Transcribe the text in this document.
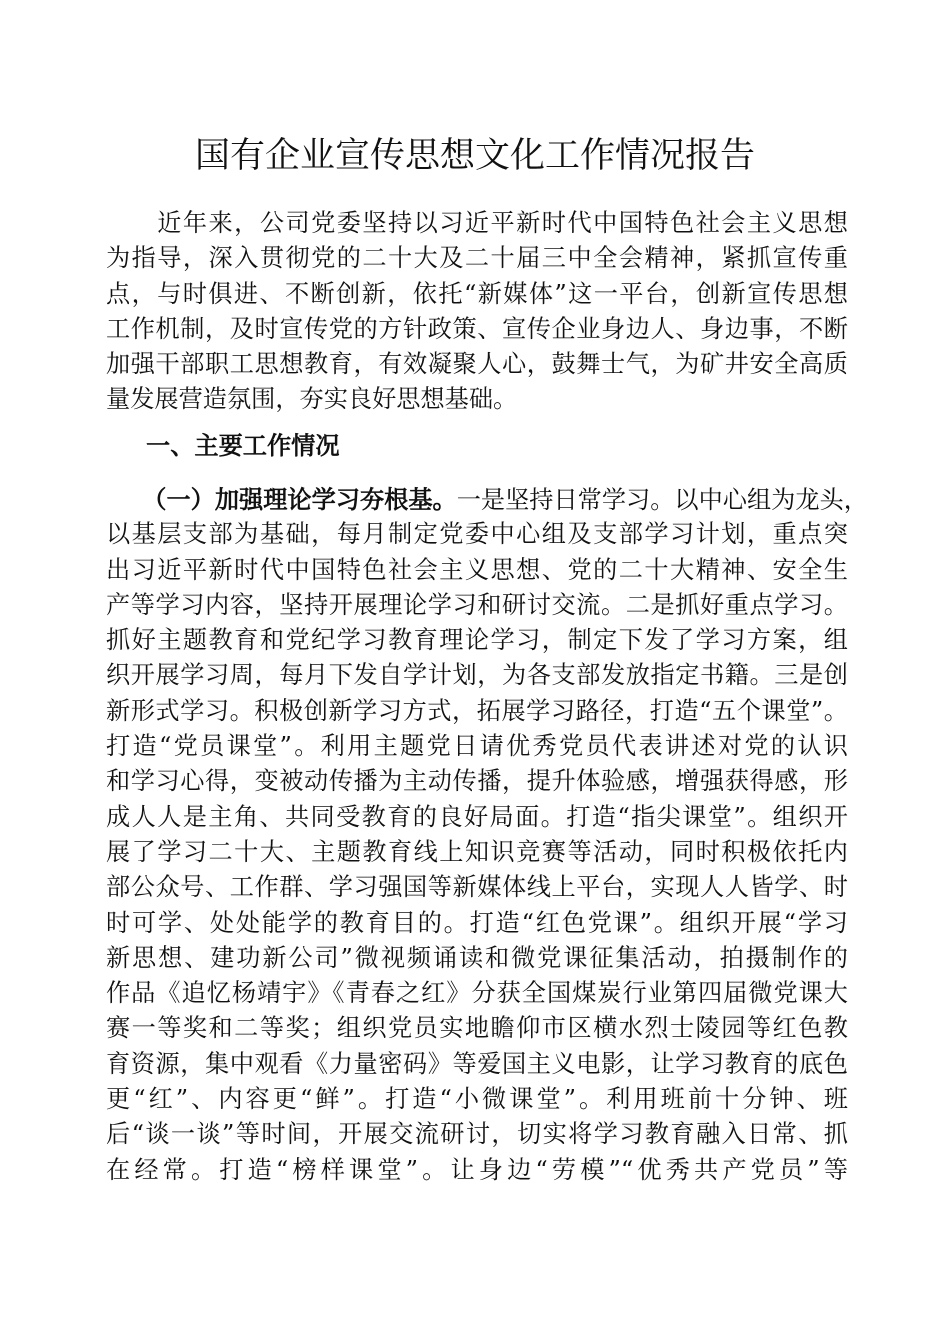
国有企业宣传思想文化工作情况报告
　　近年来，公司党委坚持以习近平新时代中国特色社会主义思想
为指导，深入贯彻党的二十大及二十届三中全会精神，紧抓宣传重
点，与时俱进、不断创新，依托“新媒体”这一平台，创新宣传思想
工作机制，及时宣传党的方针政策、宣传企业身边人、身边事，不断
加强干部职工思想教育，有效凝聚人心，鼓舞士气，为矿井安全高质
量发展营造氛围，夯实良好思想基础。
一、主要工作情况
　　（一）加强理论学习夯根基。一是坚持日常学习。以中心组为龙头，
以基层支部为基础，每月制定党委中心组及支部学习计划，重点突
出习近平新时代中国特色社会主义思想、党的二十大精神、安全生
产等学习内容，坚持开展理论学习和研讨交流。二是抓好重点学习。
抓好主题教育和党纪学习教育理论学习，制定下发了学习方案，组
织开展学习周，每月下发自学计划，为各支部发放指定书籍。三是创
新形式学习。积极创新学习方式，拓展学习路径，打造“五个课堂”。
打造“党员课堂”。利用主题党日请优秀党员代表讲述对党的认识
和学习心得，变被动传播为主动传播，提升体验感，增强获得感，形
成人人是主角、共同受教育的良好局面。打造“指尖课堂”。组织开
展了学习二十大、主题教育线上知识竞赛等活动，同时积极依托内
部公众号、工作群、学习强国等新媒体线上平台，实现人人皆学、时
时可学、处处能学的教育目的。打造“红色党课”。组织开展“学习
新思想、建功新公司”微视频诵读和微党课征集活动，拍摄制作的
作品《追忆杨靖宇》《青春之红》分获全国煤炭行业第四届微党课大
赛一等奖和二等奖；组织党员实地瞻仰市区横水烈士陵园等红色教
育资源，集中观看《力量密码》等爱国主义电影，让学习教育的底色
更“红”、内容更“鲜”。打造“小微课堂”。利用班前十分钟、班
后“谈一谈”等时间，开展交流研讨，切实将学习教育融入日常、抓
在经常。打造“榜样课堂”。让身边“劳模”“优秀共产党员”等
